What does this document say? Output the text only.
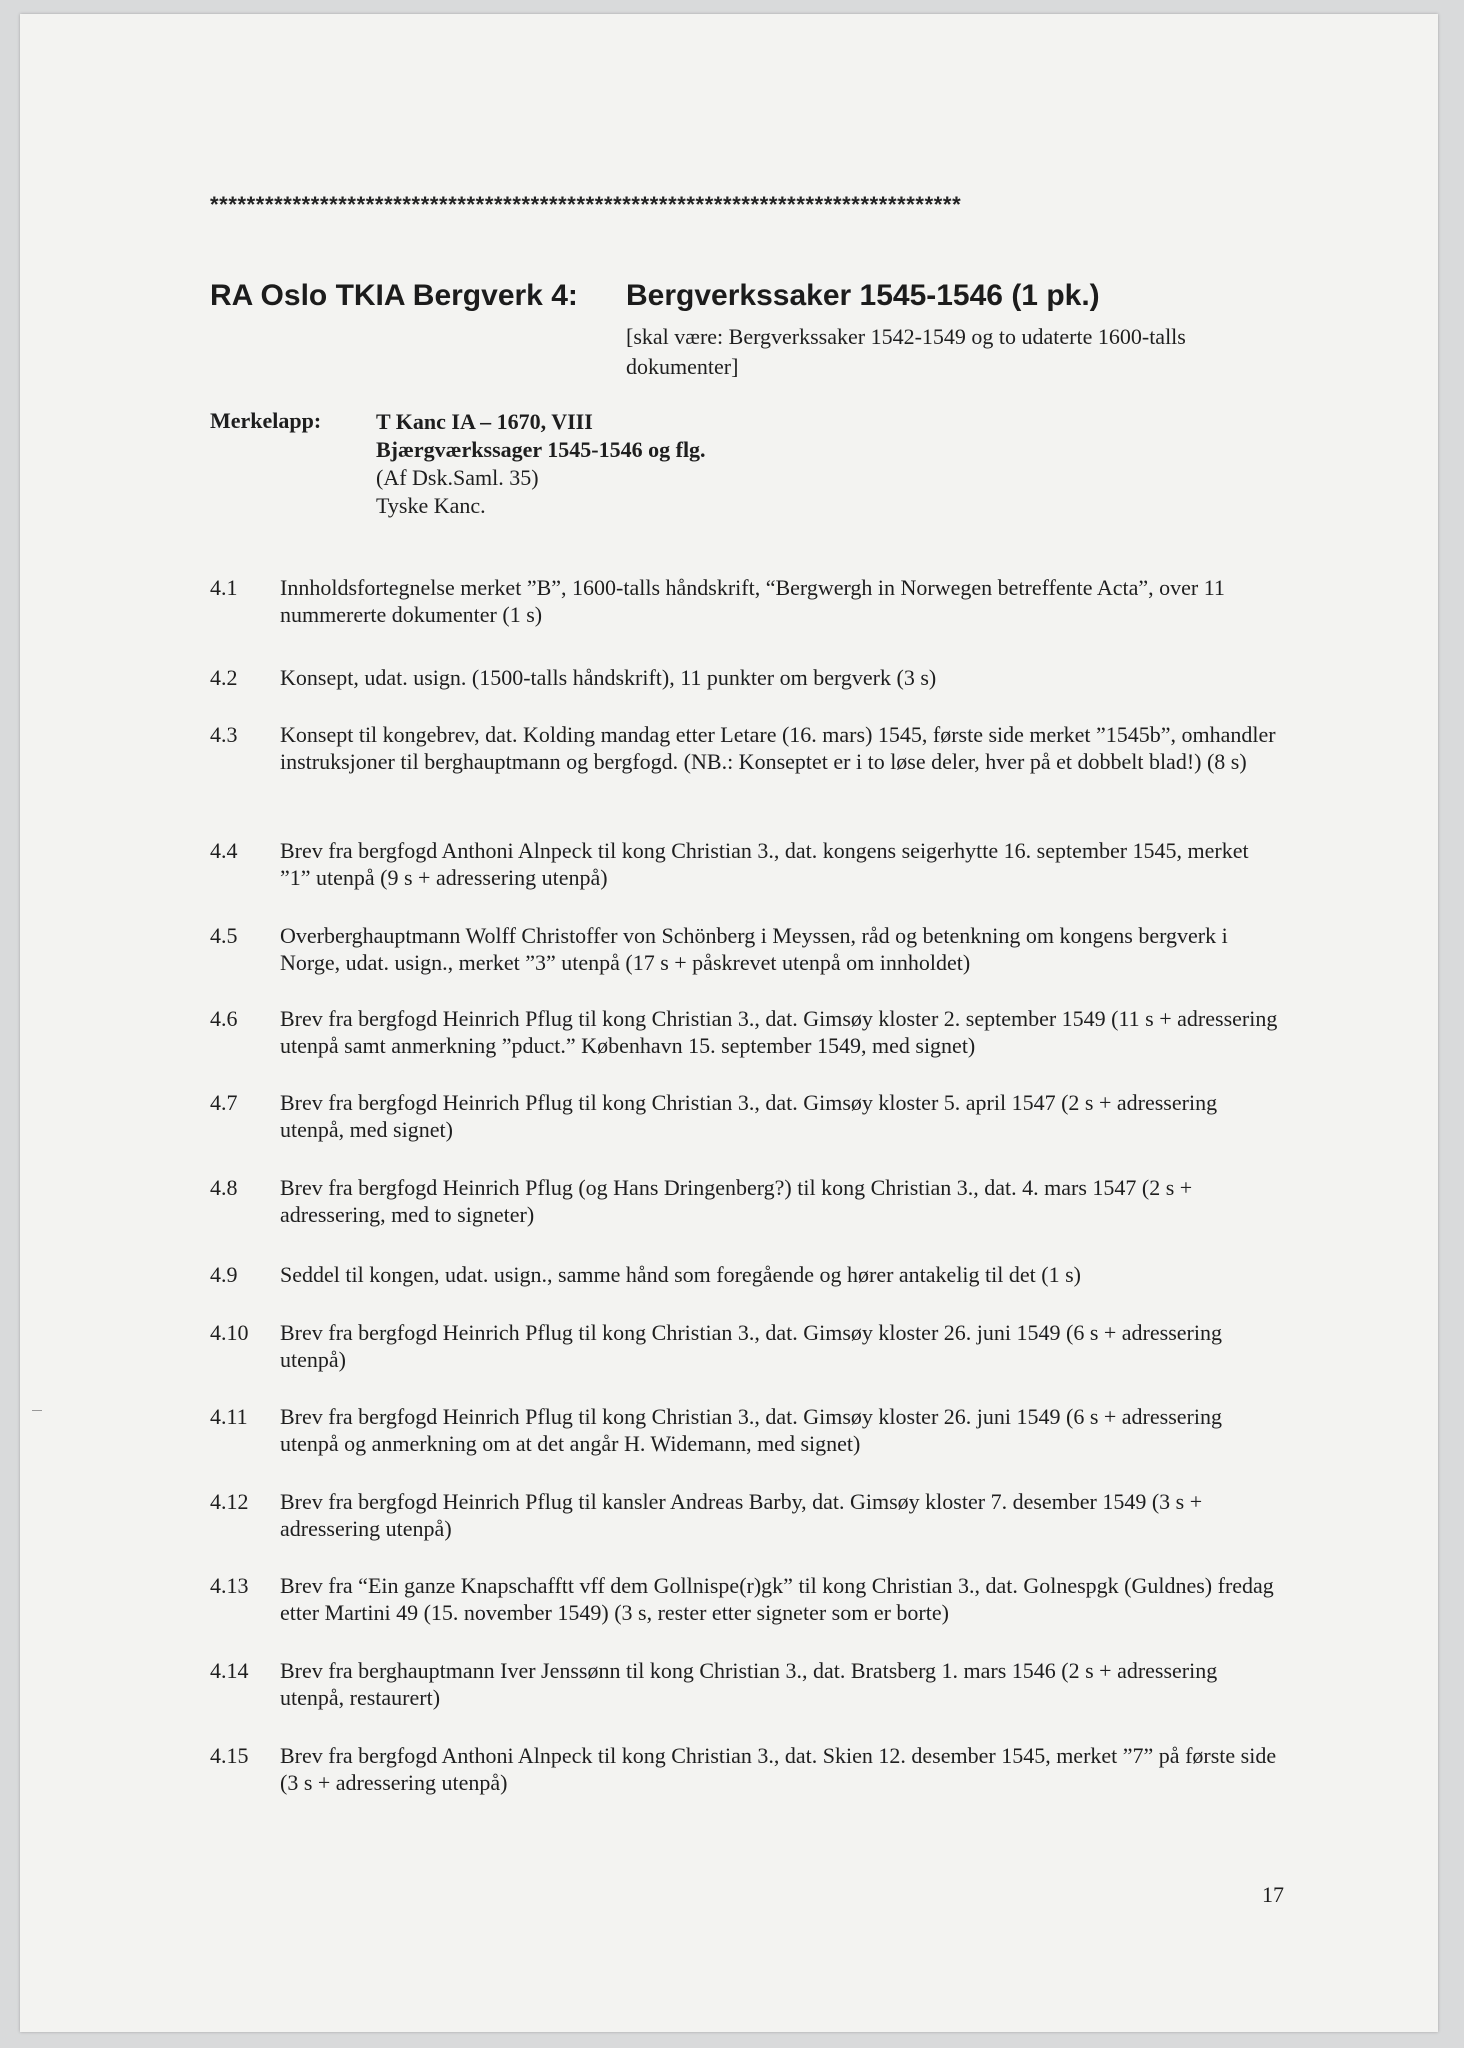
**********************************************************************************
RA Oslo TKIA Bergverk 4: Bergverkssaker 1545-1546 (1 pk.)
[skal være: Bergverkssaker 1542-1549 og to udaterte 1600-talls dokumenter]
Merkelapp: T Kanc IA – 1670, VIII
Bjærgværkssager 1545-1546 og flg.
(Af Dsk.Saml. 35)
Tyske Kanc.
4.1 Innholdsfortegnelse merket ”B”, 1600-talls håndskrift, “Bergwergh in Norwegen betreffente Acta”, over 11 nummererte dokumenter (1 s)
4.2 Konsept, udat. usign. (1500-talls håndskrift), 11 punkter om bergverk (3 s)
4.3 Konsept til kongebrev, dat. Kolding mandag etter Letare (16. mars) 1545, første side merket ”1545b”, omhandler instruksjoner til berghauptmann og bergfogd. (NB.: Konseptet er i to løse deler, hver på et dobbelt blad!) (8 s)
4.4 Brev fra bergfogd Anthoni Alnpeck til kong Christian 3., dat. kongens seigerhytte 16. september 1545, merket ”1” utenpå (9 s + adressering utenpå)
4.5 Overberghauptmann Wolff Christoffer von Schönberg i Meyssen, råd og betenkning om kongens bergverk i Norge, udat. usign., merket ”3” utenpå (17 s + påskrevet utenpå om innholdet)
4.6 Brev fra bergfogd Heinrich Pflug til kong Christian 3., dat. Gimsøy kloster 2. september 1549 (11 s + adressering utenpå samt anmerkning ”pduct.” København 15. september 1549, med signet)
4.7 Brev fra bergfogd Heinrich Pflug til kong Christian 3., dat. Gimsøy kloster 5. april 1547 (2 s + adressering utenpå, med signet)
4.8 Brev fra bergfogd Heinrich Pflug (og Hans Dringenberg?) til kong Christian 3., dat. 4. mars 1547 (2 s + adressering, med to signeter)
4.9 Seddel til kongen, udat. usign., samme hånd som foregående og hører antakelig til det (1 s)
4.10 Brev fra bergfogd Heinrich Pflug til kong Christian 3., dat. Gimsøy kloster 26. juni 1549 (6 s + adressering utenpå)
4.11 Brev fra bergfogd Heinrich Pflug til kong Christian 3., dat. Gimsøy kloster 26. juni 1549 (6 s + adressering utenpå og anmerkning om at det angår H. Widemann, med signet)
4.12 Brev fra bergfogd Heinrich Pflug til kansler Andreas Barby, dat. Gimsøy kloster 7. desember 1549 (3 s + adressering utenpå)
4.13 Brev fra “Ein ganze Knapschafftt vff dem Gollnispe(r)gk” til kong Christian 3., dat. Golnespgk (Guldnes) fredag etter Martini 49 (15. november 1549) (3 s, rester etter signeter som er borte)
4.14 Brev fra berghauptmann Iver Jenssønn til kong Christian 3., dat. Bratsberg 1. mars 1546 (2 s + adressering utenpå, restaurert)
4.15 Brev fra bergfogd Anthoni Alnpeck til kong Christian 3., dat. Skien 12. desember 1545, merket ”7” på første side (3 s + adressering utenpå)
17
